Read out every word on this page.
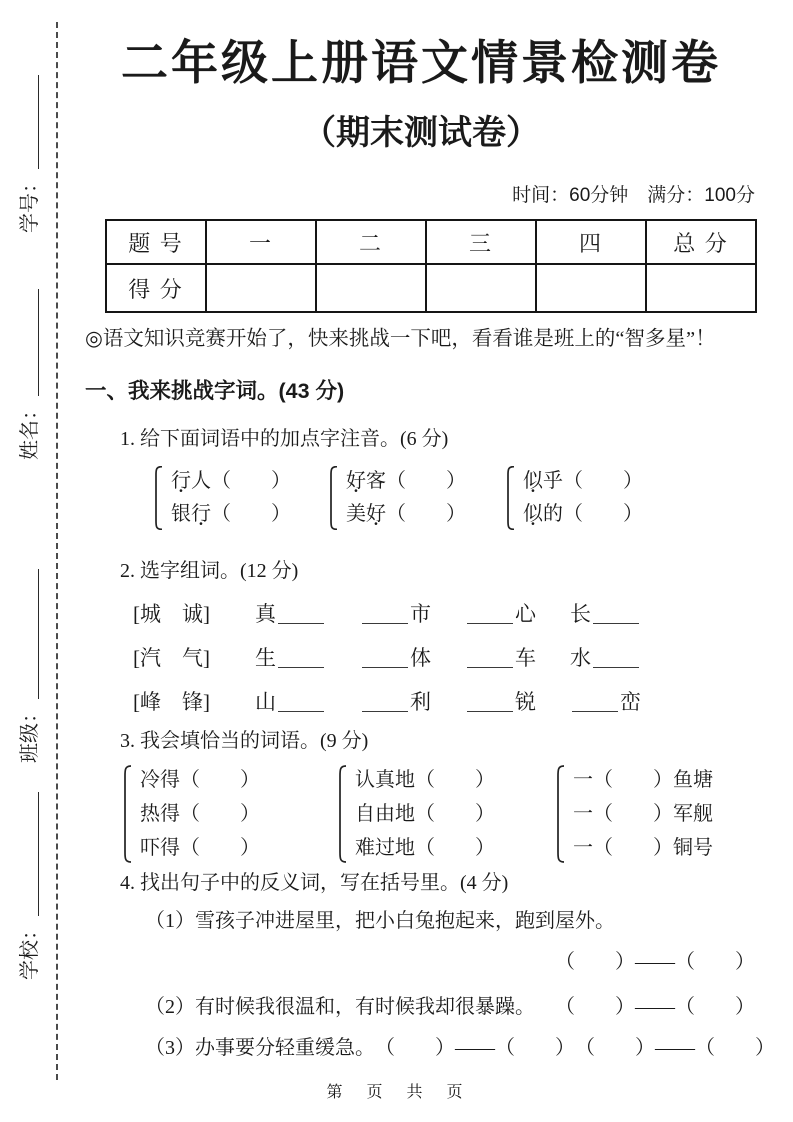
学号：
姓名：
班级：
学校：
二年级上册语文情景检测卷
（期末测试卷）
时间：60分钟　满分：100分
题 号	一	二	三	四	总 分
得 分					
◎语文知识竞赛开始了，快来挑战一下吧，看看谁是班上的“智多星”！
一、我来挑战字词。(43 分)
1. 给下面词语中的加点字注音。(6 分)
行人（　　）
银行（　　）
好客（　　）
美好（　　）
似乎（　　）
似的（　　）
2. 选字组词。(12 分)
[城　诚]	真	市	心	长
[汽　气]	生	体	车	水
[峰　锋]	山	利	锐	峦
3. 我会填恰当的词语。(9 分)
冷得（　　）
热得（　　）
吓得（　　）
认真地（　　）
自由地（　　）
难过地（　　）
一（　　）鱼塘
一（　　）军舰
一（　　）铜号
4. 找出句子中的反义词，写在括号里。(4 分)
（1）雪孩子冲进屋里，把小白兔抱起来，跑到屋外。
（　　）——（　　）
（2）有时候我很温和，有时候我却很暴躁。 （　　）——（　　）
（3）办事要分轻重缓急。 （　　）——（　　）　（　　）——（　　）
第　页　共　页
